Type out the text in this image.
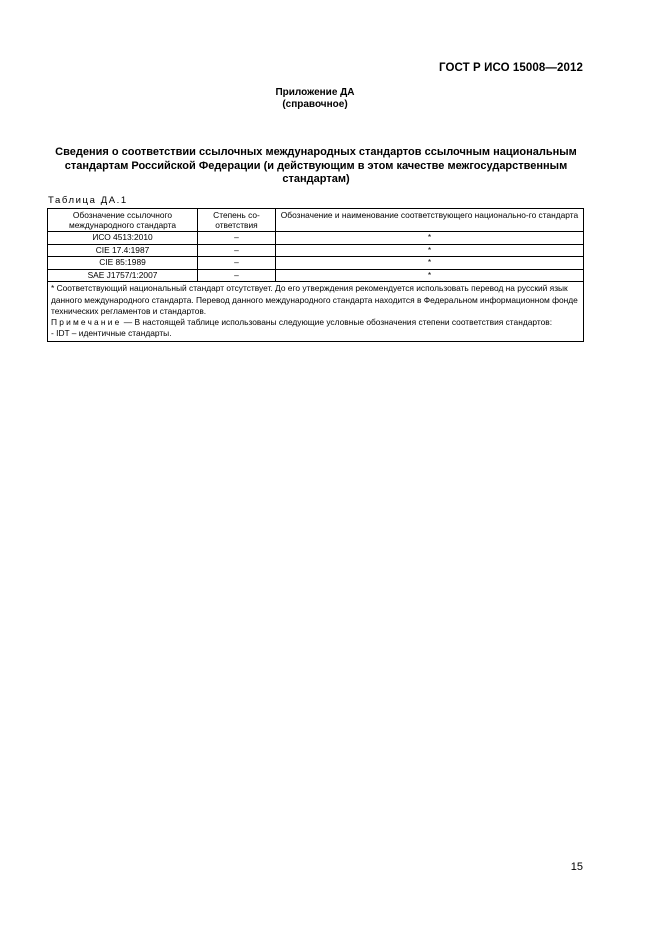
ГОСТ Р ИСО 15008—2012
Приложение ДА
(справочное)
Сведения о соответствии ссылочных международных стандартов ссылочным национальным стандартам Российской Федерации (и действующим в этом качестве межгосударственным стандартам)
Таблица ДА.1
Обозначение ссылочного международного стандарта	Степень со-ответствия	Обозначение и наименование соответствующего национально-го стандарта
ИСО 4513:2010	–	*
CIE 17.4:1987	–	*
CIE 85:1989	–	*
SAE J1757/1:2007	–	*

* Соответствующий национальный стандарт отсутствует. До его утверждения рекомендуется использовать перевод на русский язык данного международного стандарта. Перевод данного международного стандарта находится в Федеральном информационном фонде технических регламентов и стандартов.

Примечание — В настоящей таблице использованы следующие условные обозначения степени соответствия стандартов:

- IDT – идентичные стандарты.		

15
